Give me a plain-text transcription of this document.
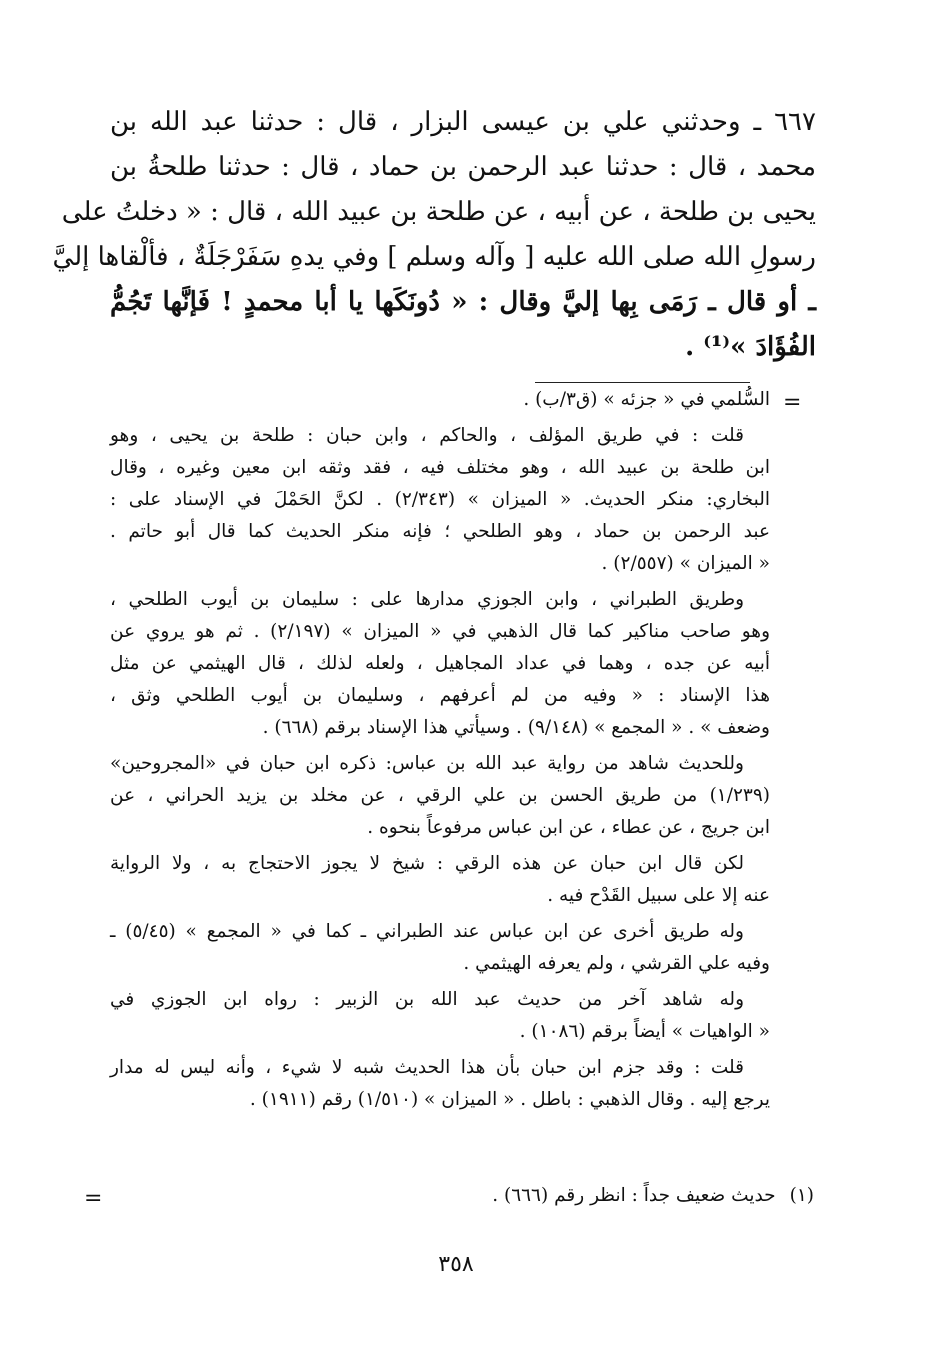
٦٦٧ ـ وحدثني علي بن عيسى البزار ، قال : حدثنا عبد الله بن
محمد ، قال : حدثنا عبد الرحمن بن حماد ، قال : حدثنا طلحةُ بن
يحيى بن طلحة ، عن أبيه ، عن طلحة بن عبيد الله ، قال : « دخلتُ على
رسولِ الله صلى الله عليه [ وآله وسلم ] وفي يدهِ سَفَرْجَلَةٌ ، فألْقاها إليَّ
ـ أو قال ـ رَمَى بِها إليَّ وقال : « دُونَكَها يا أبا محمدٍ ! فَإنَّها تَجُمُّ
الفُؤَادَ »⁽¹⁾ .
=
السُّلمي في « جزئه » (ق٣/ب) .
قلت : في طريق المؤلف ، والحاكم ، وابن حبان : طلحة بن يحيى ، وهو
ابن طلحة بن عبيد الله ، وهو مختلف فيه ، فقد وثقه ابن معين وغيره ، وقال
البخاري: منكر الحديث. « الميزان » (٢/٣٤٣) . لكنَّ الحَمْلَ في الإسناد على :
عبد الرحمن بن حماد ، وهو الطلحي ؛ فإنه منكر الحديث كما قال أبو حاتم .
« الميزان » (٢/٥٥٧) .
وطريق الطبراني ، وابن الجوزي مدارها على : سليمان بن أيوب الطلحي ،
وهو صاحب مناكير كما قال الذهبي في « الميزان » (٢/١٩٧) . ثم هو يروي عن
أبيه عن جده ، وهما في عداد المجاهيل ، ولعله لذلك ، قال الهيثمي عن مثل
هذا الإسناد : « وفيه من لم أعرفهم ، وسليمان بن أيوب الطلحي وثق ،
وضعف » . « المجمع » (٩/١٤٨) . وسيأتي هذا الإسناد برقم (٦٦٨) .
وللحديث شاهد من رواية عبد الله بن عباس: ذكره ابن حبان في «المجروحين»
(١/٢٣٩) من طريق الحسن بن علي الرقي ، عن مخلد بن يزيد الحراني ، عن
ابن جريج ، عن عطاء ، عن ابن عباس مرفوعاً بنحوه .
لكن قال ابن حبان عن هذه الرقي : شيخ لا يجوز الاحتجاج به ، ولا الرواية
عنه إلا على سبيل القَدْح فيه .
وله طريق أخرى عن ابن عباس عند الطبراني ـ كما في « المجمع » (٥/٤٥) ـ
وفيه علي القرشي ، ولم يعرفه الهيثمي .
وله شاهد آخر من حديث عبد الله بن الزبير : رواه ابن الجوزي في
« الواهيات » أيضاً برقم (١٠٨٦) .
قلت : وقد جزم ابن حبان بأن هذا الحديث شبه لا شيء ، وأنه ليس له مدار
يرجع إليه . وقال الذهبي : باطل . « الميزان » (١/٥١٠) رقم (١٩١١) .
(١)حديث ضعيف جداً : انظر رقم (٦٦٦) .
=
٣٥٨
